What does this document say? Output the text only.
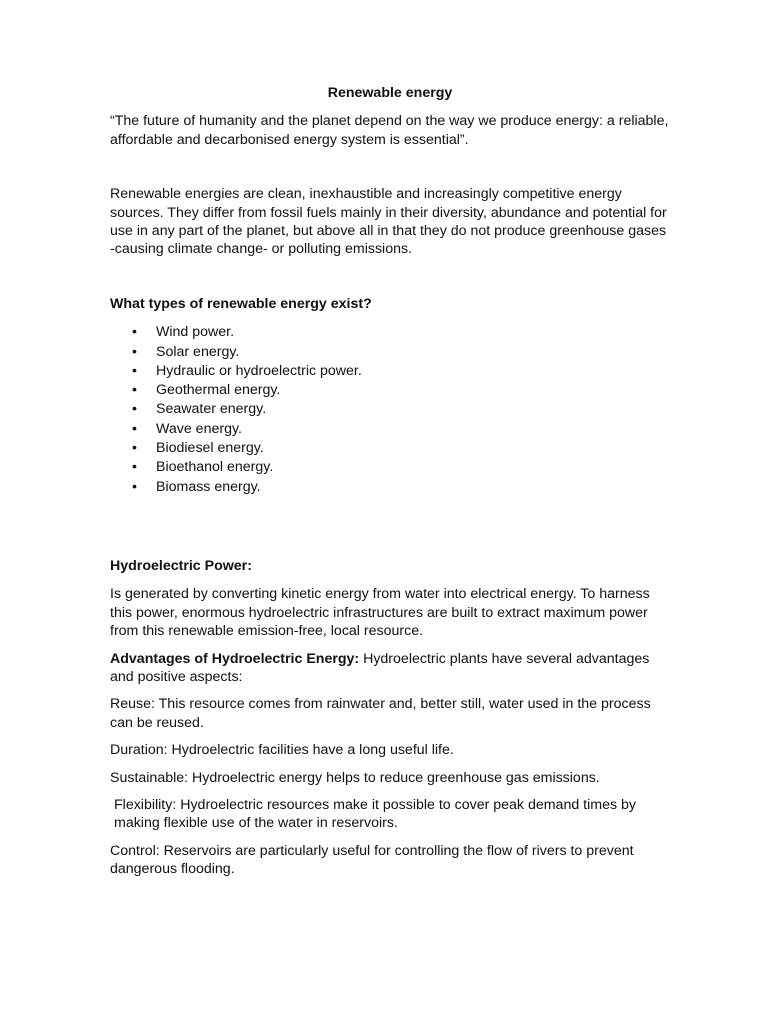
Renewable energy

“The future of humanity and the planet depend on the way we produce energy: a reliable, affordable and decarbonised energy system is essential”.

Renewable energies are clean, inexhaustible and increasingly competitive energy sources. They differ from fossil fuels mainly in their diversity, abundance and potential for use in any part of the planet, but above all in that they do not produce greenhouse gases -causing climate change- or polluting emissions.

What types of renewable energy exist?

• Wind power.
• Solar energy.
• Hydraulic or hydroelectric power.
• Geothermal energy.
• Seawater energy.
• Wave energy.
• Biodiesel energy.
• Bioethanol energy.
• Biomass energy.

Hydroelectric Power:

Is generated by converting kinetic energy from water into electrical energy. To harness this power, enormous hydroelectric infrastructures are built to extract maximum power from this renewable emission-free, local resource.

Advantages of Hydroelectric Energy: Hydroelectric plants have several advantages and positive aspects:

Reuse: This resource comes from rainwater and, better still, water used in the process can be reused.

Duration: Hydroelectric facilities have a long useful life.

Sustainable: Hydroelectric energy helps to reduce greenhouse gas emissions.

Flexibility: Hydroelectric resources make it possible to cover peak demand times by making flexible use of the water in reservoirs.

Control: Reservoirs are particularly useful for controlling the flow of rivers to prevent dangerous flooding.
